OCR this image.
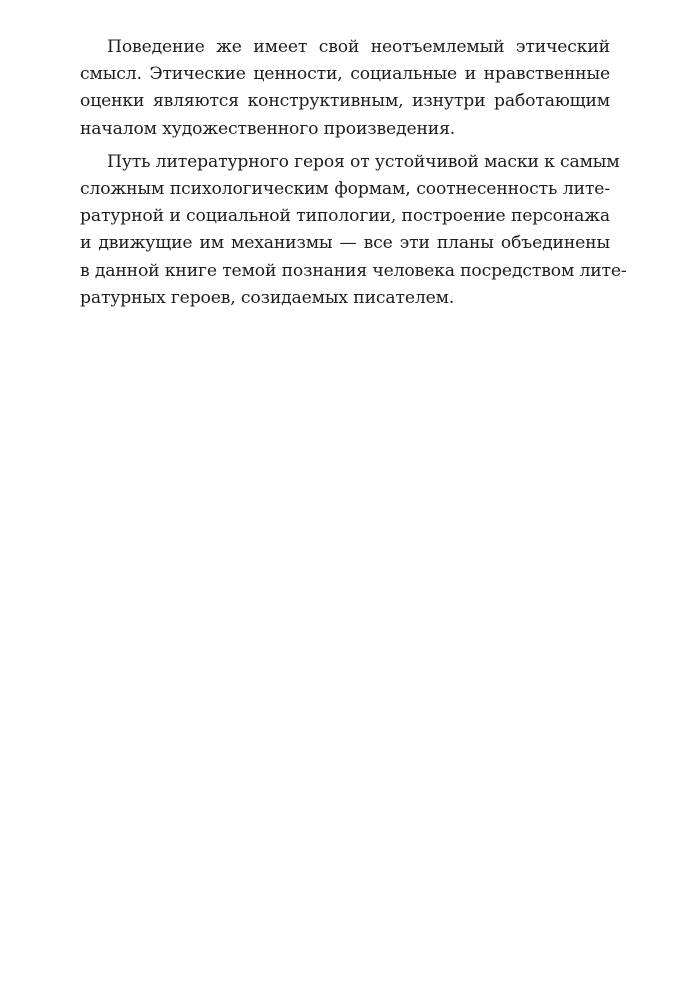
Поведение же имеет свой неотъемлемый этический
смысл. Этические ценности, социальные и нравственные
оценки являются конструктивным, изнутри работающим
началом художественного произведения.

Путь литературного героя от устойчивой маски к самым
сложным психологическим формам, соотнесенность лите-
ратурной и социальной типологии, построение персонажа
и движущие им механизмы — все эти планы объединены
в данной книге темой познания человека посредством лите-
ратурных героев, созидаемых писателем.
